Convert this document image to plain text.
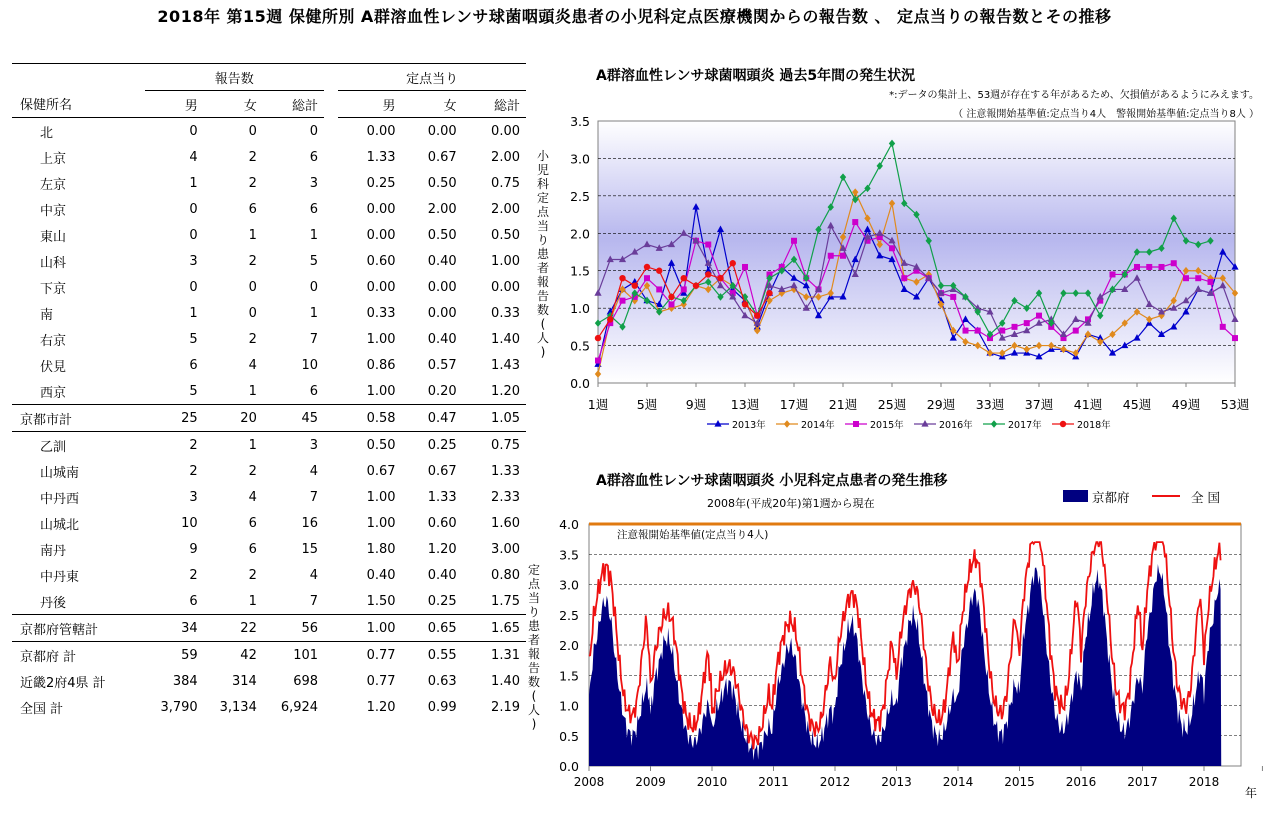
2018年 第15週 保健所別 A群溶血性レンサ球菌咽頭炎患者の小児科定点医療機関からの報告数 、 定点当りの報告数とその推移
	報告数				定点当り		
保健所名	男	女	総計		男	女	総計
北	0	0	0		0.00	0.00	0.00
上京	4	2	6		1.33	0.67	2.00
左京	1	2	3		0.25	0.50	0.75
中京	0	6	6		0.00	2.00	2.00
東山	0	1	1		0.00	0.50	0.50
山科	3	2	5		0.60	0.40	1.00
下京	0	0	0		0.00	0.00	0.00
南	1	0	1		0.33	0.00	0.33
右京	5	2	7		1.00	0.40	1.40
伏見	6	4	10		0.86	0.57	1.43
西京	5	1	6		1.00	0.20	1.20
京都市計	25	20	45		0.58	0.47	1.05
乙訓	2	1	3		0.50	0.25	0.75
山城南	2	2	4		0.67	0.67	1.33
中丹西	3	4	7		1.00	1.33	2.33
山城北	10	6	16		1.00	0.60	1.60
南丹	9	6	15		1.80	1.20	3.00
中丹東	2	2	4		0.40	0.40	0.80
丹後	6	1	7		1.50	0.25	1.75
京都府管轄計	34	22	56		1.00	0.65	1.65
京都府 計	59	42	101		0.77	0.55	1.31
近畿2府4県 計	384	314	698		0.77	0.63	1.40
全国 計	3,790	3,134	6,924		1.20	0.99	2.19
A群溶血性レンサ球菌咽頭炎 過去5年間の発生状況
*:データの集計上、53週が存在する年があるため、欠損値があるようにみえます。
（ 注意報開始基準値:定点当り4人　警報開始基準値:定点当り8人 ）
0.0
0.5
1.0
1.5
2.0
2.5
3.0
3.5
1週 5週 9週 13週 17週 21週 25週 29週 33週 37週 41週 45週 49週 53週
小
児
科
定
点
当
り
患
者
報
告
数
(
人
)
2013年	2014年	2015年	2016年	2017年	2018年
A群溶血性レンサ球菌咽頭炎 小児科定点患者の発生推移
2008年(平成20年)第1週から現在
0.0
0.5
1.0
1.5
2.0
2.5
3.0
3.5
4.0
2008	2009	2010	2011	2012	2013	2014	2015	2016	2017	2018
年
定
点
当
り
患
者
報
告
数
(
人
)
注意報開始基準値(定点当り4人)
京都府	全 国
